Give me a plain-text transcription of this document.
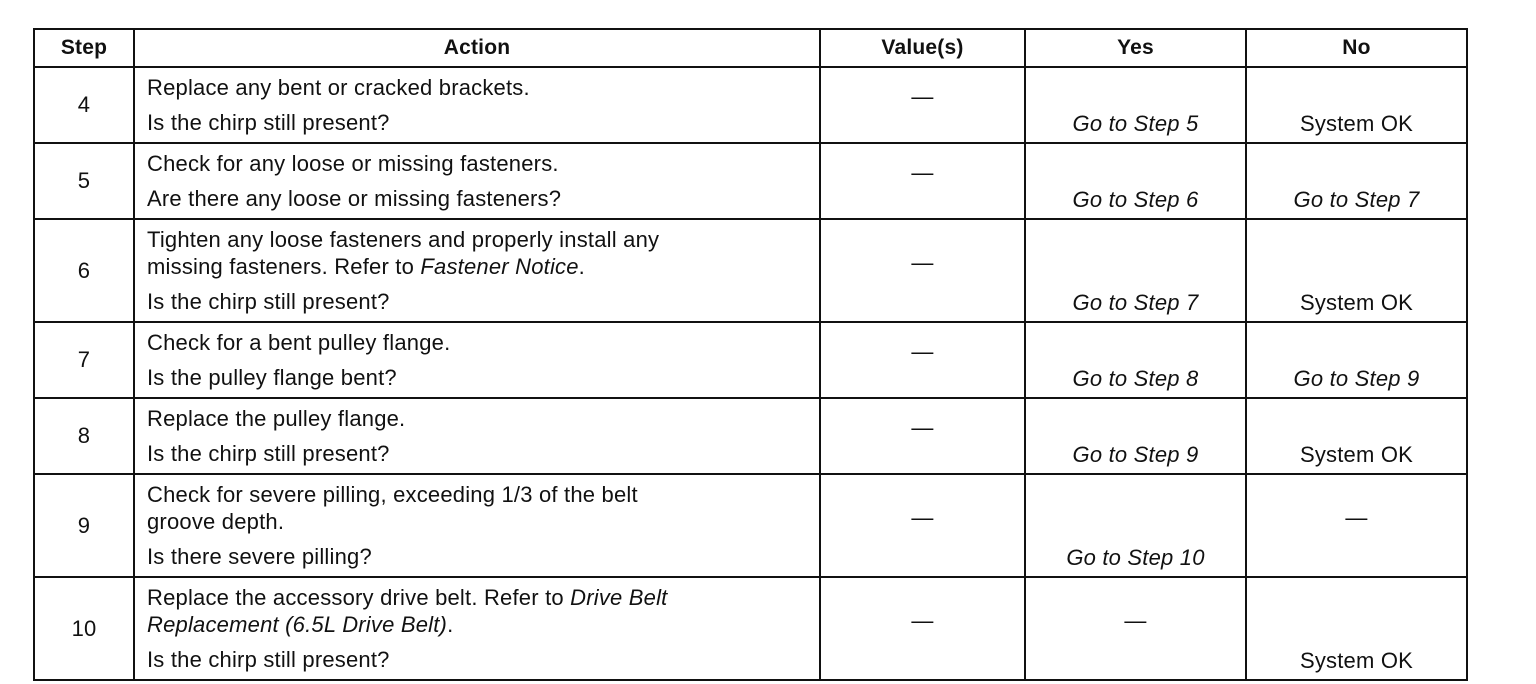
Step	Action	Value(s)	Yes	No
4	Replace any bent or cracked brackets.
Is the chirp still present?	—	Go to Step 5	System OK
5	Check for any loose or missing fasteners.
Are there any loose or missing fasteners?	—	Go to Step 6	Go to Step 7
6	Tighten any loose fasteners and properly install any
missing fasteners. Refer to Fastener Notice.
Is the chirp still present?	—	Go to Step 7	System OK
7	Check for a bent pulley flange.
Is the pulley flange bent?	—	Go to Step 8	Go to Step 9
8	Replace the pulley flange.
Is the chirp still present?	—	Go to Step 9	System OK
9	Check for severe pilling, exceeding 1/3 of the belt
groove depth.
Is there severe pilling?	—	Go to Step 10	—
10	Replace the accessory drive belt. Refer to Drive Belt
Replacement (6.5L Drive Belt).
Is the chirp still present?	—	—	System OK
